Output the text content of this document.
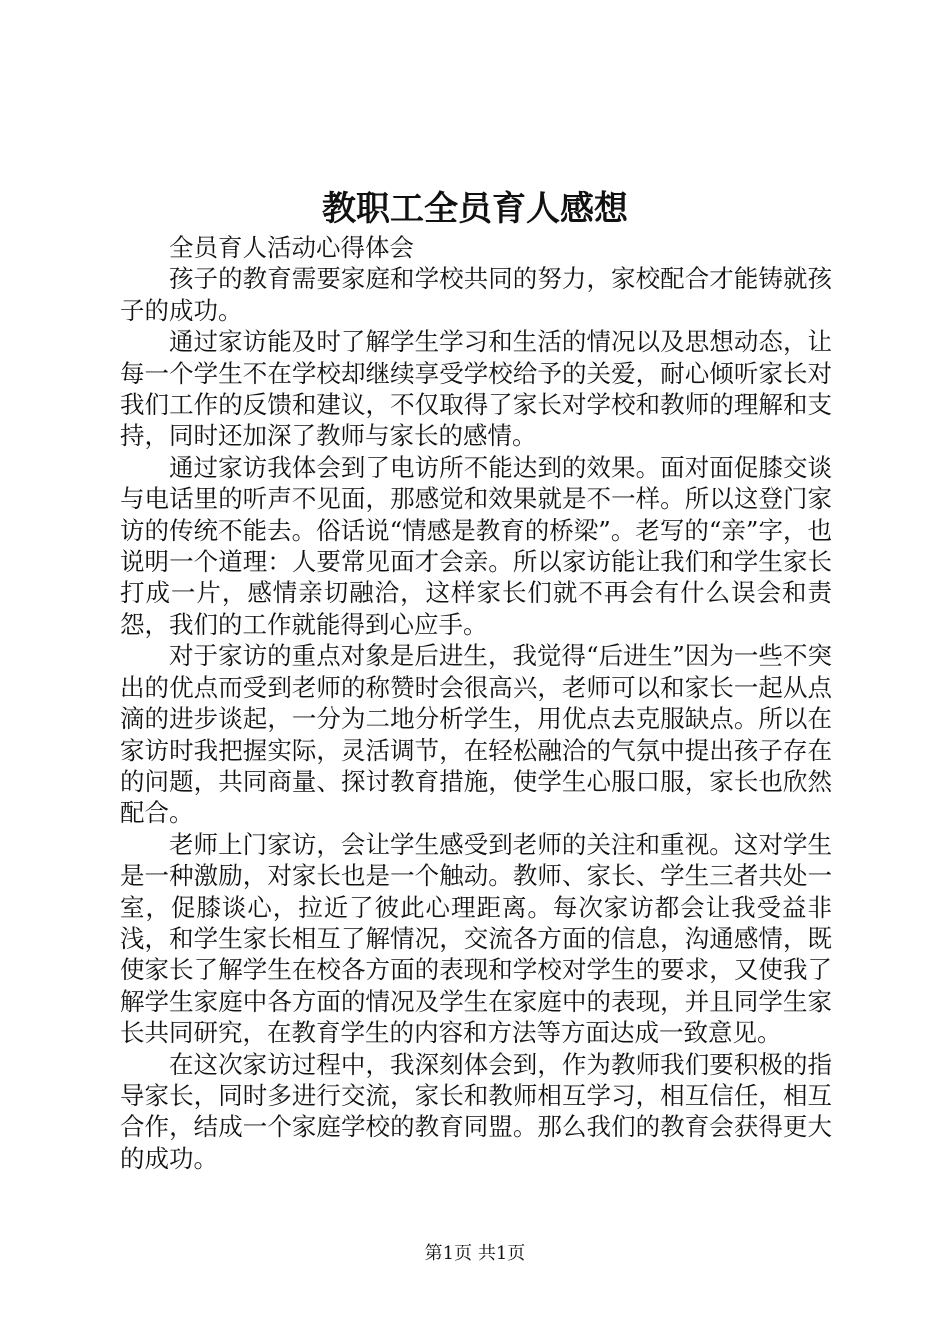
教职工全员育人感想

全员育人活动心得体会

孩子的教育需要家庭和学校共同的努力，家校配合才能铸就孩子的成功。

通过家访能及时了解学生学习和生活的情况以及思想动态，让每一个学生不在学校却继续享受学校给予的关爱，耐心倾听家长对我们工作的反馈和建议，不仅取得了家长对学校和教师的理解和支持，同时还加深了教师与家长的感情。

通过家访我体会到了电访所不能达到的效果。面对面促膝交谈与电话里的听声不见面，那感觉和效果就是不一样。所以这登门家访的传统不能去。俗话说“情感是教育的桥梁”。老写的“亲”字，也说明一个道理：人要常见面才会亲。所以家访能让我们和学生家长打成一片，感情亲切融洽，这样家长们就不再会有什么误会和责怨，我们的工作就能得到心应手。

对于家访的重点对象是后进生，我觉得“后进生”因为一些不突出的优点而受到老师的称赞时会很高兴，老师可以和家长一起从点滴的进步谈起，一分为二地分析学生，用优点去克服缺点。所以在家访时我把握实际，灵活调节，在轻松融洽的气氛中提出孩子存在的问题，共同商量、探讨教育措施，使学生心服口服，家长也欣然配合。

老师上门家访，会让学生感受到老师的关注和重视。这对学生是一种激励，对家长也是一个触动。教师、家长、学生三者共处一室，促膝谈心，拉近了彼此心理距离。每次家访都会让我受益非浅，和学生家长相互了解情况，交流各方面的信息，沟通感情，既使家长了解学生在校各方面的表现和学校对学生的要求，又使我了解学生家庭中各方面的情况及学生在家庭中的表现，并且同学生家长共同研究，在教育学生的内容和方法等方面达成一致意见。

在这次家访过程中，我深刻体会到，作为教师我们要积极的指导家长，同时多进行交流，家长和教师相互学习，相互信任，相互合作，结成一个家庭学校的教育同盟。那么我们的教育会获得更大的成功。

第1页 共1页
